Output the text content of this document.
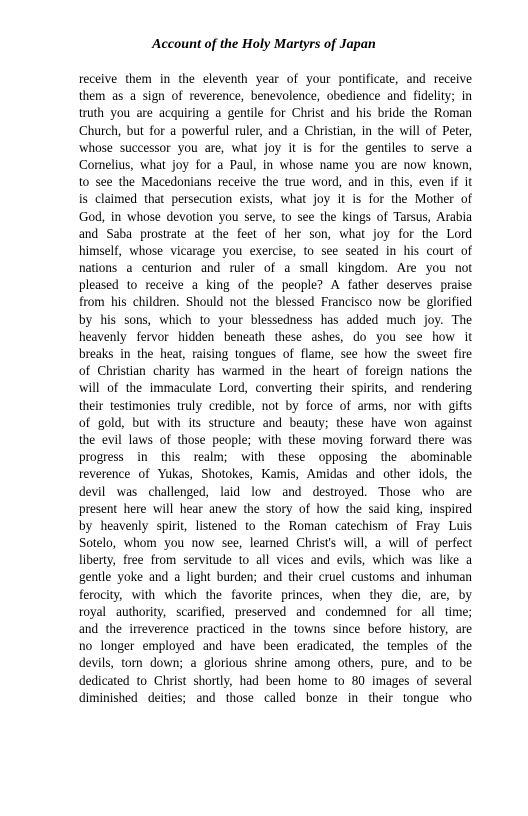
Account of the Holy Martyrs of Japan
receive them in the eleventh year of your pontificate, and receive
them as a sign of reverence, benevolence, obedience and fidelity; in
truth you are acquiring a gentile for Christ and his bride the Roman
Church, but for a powerful ruler, and a Christian, in the will of Peter,
whose successor you are, what joy it is for the gentiles to serve a
Cornelius, what joy for a Paul, in whose name you are now known,
to see the Macedonians receive the true word, and in this, even if it
is claimed that persecution exists, what joy it is for the Mother of
God, in whose devotion you serve, to see the kings of Tarsus, Arabia
and Saba prostrate at the feet of her son, what joy for the Lord
himself, whose vicarage you exercise, to see seated in his court of
nations a centurion and ruler of a small kingdom. Are you not
pleased to receive a king of the people? A father deserves praise
from his children. Should not the blessed Francisco now be glorified
by his sons, which to your blessedness has added much joy. The
heavenly fervor hidden beneath these ashes, do you see how it
breaks in the heat, raising tongues of flame, see how the sweet fire
of Christian charity has warmed in the heart of foreign nations the
will of the immaculate Lord, converting their spirits, and rendering
their testimonies truly credible, not by force of arms, nor with gifts
of gold, but with its structure and beauty; these have won against
the evil laws of those people; with these moving forward there was
progress in this realm; with these opposing the abominable
reverence of Yukas, Shotokes, Kamis, Amidas and other idols, the
devil was challenged, laid low and destroyed. Those who are
present here will hear anew the story of how the said king, inspired
by heavenly spirit, listened to the Roman catechism of Fray Luis
Sotelo, whom you now see, learned Christ's will, a will of perfect
liberty, free from servitude to all vices and evils, which was like a
gentle yoke and a light burden; and their cruel customs and inhuman
ferocity, with which the favorite princes, when they die, are, by
royal authority, scarified, preserved and condemned for all time;
and the irreverence practiced in the towns since before history, are
no longer employed and have been eradicated, the temples of the
devils, torn down; a glorious shrine among others, pure, and to be
dedicated to Christ shortly, had been home to 80 images of several
diminished deities; and those called bonze in their tongue who
